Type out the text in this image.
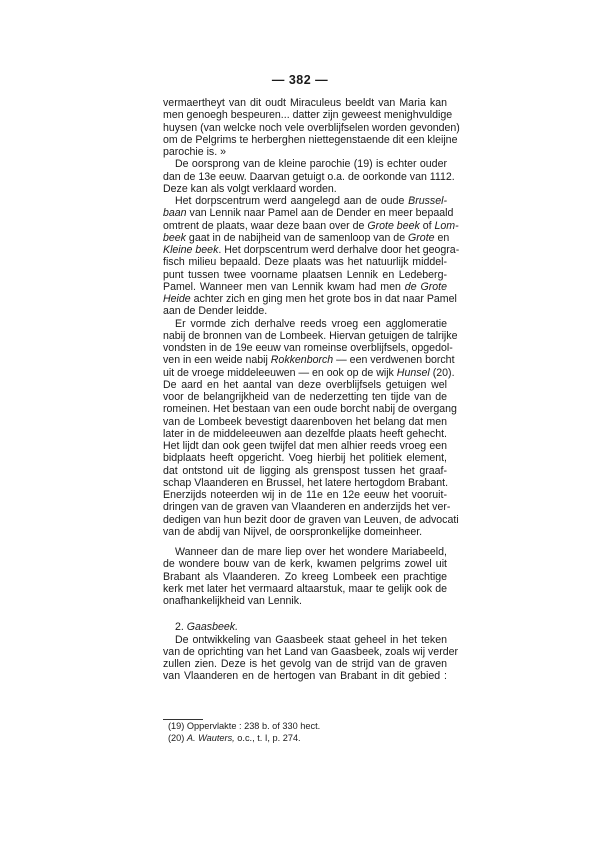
— 382 —
vermaertheyt van dit oudt Miraculeus beeldt van Maria kan
men genoegh bespeuren... datter zijn geweest menighvuldige
huysen (van welcke noch vele overblijfselen worden gevonden)
om de Pelgrims te herberghen niettegenstaende dit een kleijne
parochie is. »
De oorsprong van de kleine parochie (19) is echter ouder
dan de 13e eeuw. Daarvan getuigt o.a. de oorkonde van 1112.
Deze kan als volgt verklaard worden.
Het dorpscentrum werd aangelegd aan de oude Brussel-
baan van Lennik naar Pamel aan de Dender en meer bepaald
omtrent de plaats, waar deze baan over de Grote beek of Lom-
beek gaat in de nabijheid van de samenloop van de Grote en
Kleine beek. Het dorpscentrum werd derhalve door het geogra-
fisch milieu bepaald. Deze plaats was het natuurlijk middel-
punt tussen twee voorname plaatsen Lennik en Ledeberg-
Pamel. Wanneer men van Lennik kwam had men de Grote
Heide achter zich en ging men het grote bos in dat naar Pamel
aan de Dender leidde.
Er vormde zich derhalve reeds vroeg een agglomeratie
nabij de bronnen van de Lombeek. Hiervan getuigen de talrijke
vondsten in de 19e eeuw van romeinse overblijfsels, opgedol-
ven in een weide nabij Rokkenborch — een verdwenen borcht
uit de vroege middeleeuwen — en ook op de wijk Hunsel (20).
De aard en het aantal van deze overblijfsels getuigen wel
voor de belangrijkheid van de nederzetting ten tijde van de
romeinen. Het bestaan van een oude borcht nabij de overgang
van de Lombeek bevestigt daarenboven het belang dat men
later in de middeleeuwen aan dezelfde plaats heeft gehecht.
Het lijdt dan ook geen twijfel dat men alhier reeds vroeg een
bidplaats heeft opgericht. Voeg hierbij het politiek element,
dat ontstond uit de ligging als grenspost tussen het graaf-
schap Vlaanderen en Brussel, het latere hertogdom Brabant.
Enerzijds noteerden wij in de 11e en 12e eeuw het vooruit-
dringen van de graven van Vlaanderen en anderzijds het ver-
dedigen van hun bezit door de graven van Leuven, de advocati
van de abdij van Nijvel, de oorspronkelijke domeinheer.
Wanneer dan de mare liep over het wondere Mariabeeld,
de wondere bouw van de kerk, kwamen pelgrims zowel uit
Brabant als Vlaanderen. Zo kreeg Lombeek een prachtige
kerk met later het vermaard altaarstuk, maar te gelijk ook de
onafhankelijkheid van Lennik.
2. Gaasbeek.
De ontwikkeling van Gaasbeek staat geheel in het teken
van de oprichting van het Land van Gaasbeek, zoals wij verder
zullen zien. Deze is het gevolg van de strijd van de graven
van Vlaanderen en de hertogen van Brabant in dit gebied :
(19) Oppervlakte : 238 b. of 330 hect.
(20) A. Wauters, o.c., t. I, p. 274.
